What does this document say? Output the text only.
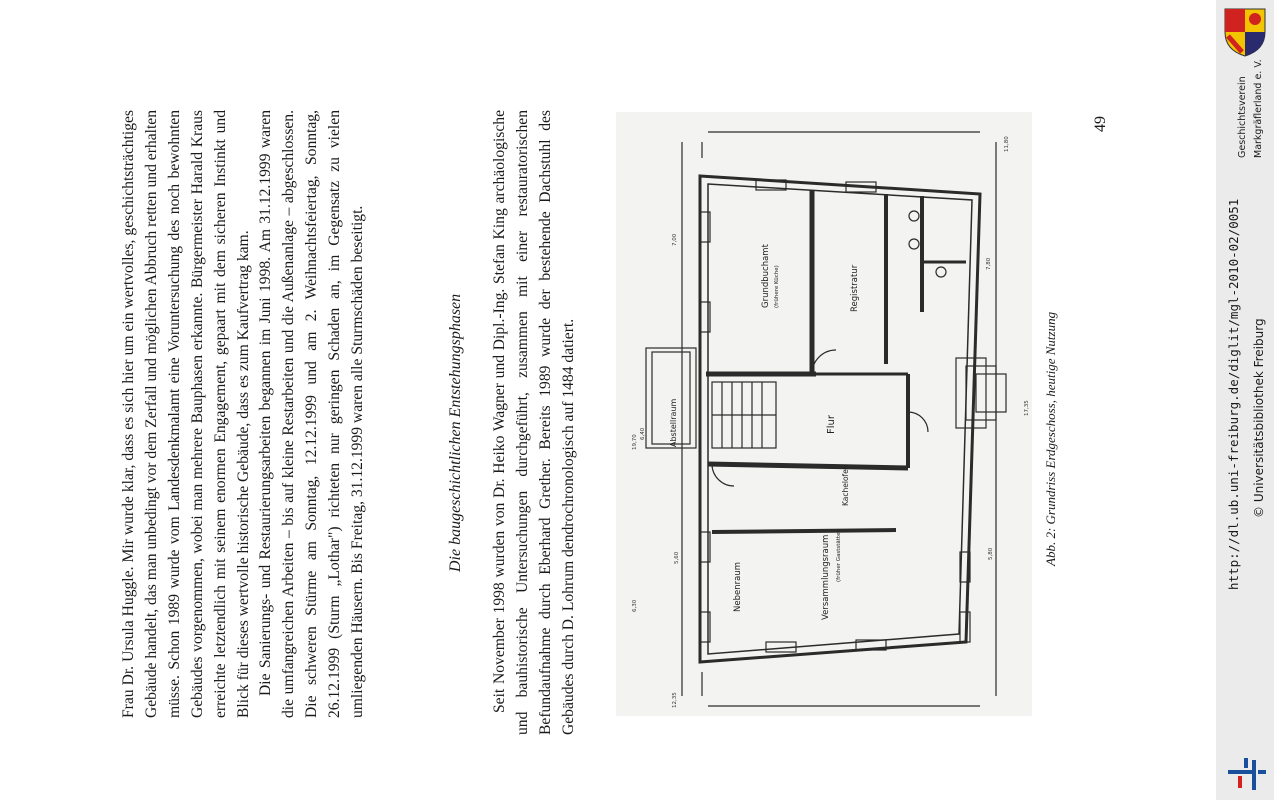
Frau Dr. Ursula Huggle. Mir wurde klar, dass es sich hier um ein wertvolles, geschichtsträchtiges Gebäude handelt, das man unbedingt vor dem Zerfall und möglichen Abbruch retten und erhalten müsse. Schon 1989 wurde vom Landesdenkmalamt eine Voruntersuchung des noch bewohnten Gebäudes vorgenommen, wobei man mehrere Bauphasen erkannte. Bürgermeister Harald Kraus erreichte letztendlich mit seinem enormen Engagement, gepaart mit dem sicheren Instinkt und Blick für dieses wertvolle historische Gebäude, dass es zum Kaufvertrag kam. Die Sanierungs- und Restaurierungsarbeiten begannen im Juni 1998. Am 31.12.1999 waren die umfangreichen Arbeiten – bis auf kleine Restarbeiten und die Außenanlage – abgeschlossen. Die schweren Stürme am Sonntag, 12.12.1999 und am 2. Weihnachtsfeiertag, Sonntag, 26.12.1999 (Sturm „Lothar") richteten nur geringen Schaden an, im Gegensatz zu vielen umliegenden Häusern. Bis Freitag, 31.12.1999 waren alle Sturmschäden beseitigt.	Die baugeschichtlichen Entstehungsphasen Seit November 1998 wurden von Dr. Heiko Wagner und Dipl.-Ing. Stefan King archäologische und bauhistorische Untersuchungen durchgeführt, zusammen mit einer restauratorischen Befundaufnahme durch Eberhard Grether. Bereits 1989 wurde der bestehende Dachstuhl des Gebäudes durch D. Lohrum dendrochronologisch auf 1484 datiert.

Grundbuchamt (frühere Küche)	Registratur
Flur
Abstellraum
Kachelofen
Versammlungsraum (früher Gaststätte)
Nebenraum
11,80
7,00
7,80
17,35
19,70
6,40
5,80
12,35
6,30
5,60	Abb. 2: Grundriss Erdgeschoss, heutige Nutzung
49	Geschichtsverein Markgräflerland e. V.
http://dl.ub.uni-freiburg.de/diglit/mgl-2010-02/0051 © Universitätsbibliothek Freiburg
